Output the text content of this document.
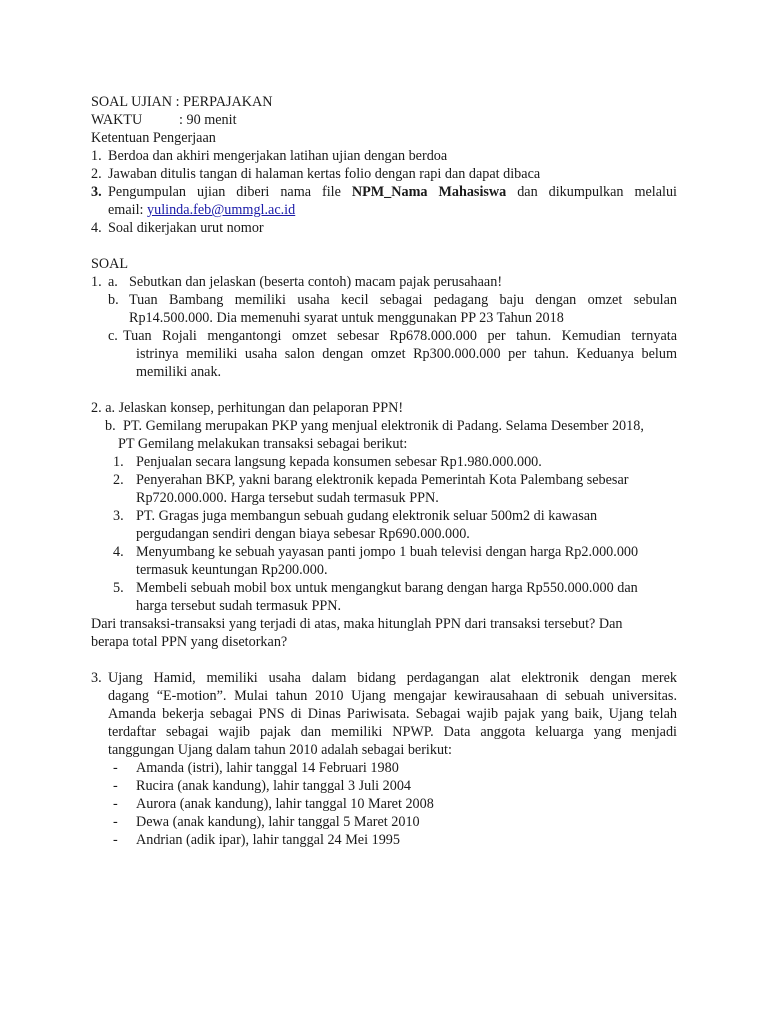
SOAL UJIAN : PERPAJAKAN
WAKTU	: 90 menit
Ketentuan Pengerjaan
1. Berdoa dan akhiri mengerjakan latihan ujian dengan berdoa
2. Jawaban ditulis tangan di halaman kertas folio dengan rapi dan dapat dibaca
3. Pengumpulan ujian diberi nama file NPM_Nama Mahasiswa dan dikumpulkan melalui
email: yulinda.feb@ummgl.ac.id
4. Soal dikerjakan urut nomor
SOAL
1. a. Sebutkan dan jelaskan (beserta contoh) macam pajak perusahaan!
b. Tuan Bambang memiliki usaha kecil sebagai pedagang baju dengan omzet sebulan
Rp14.500.000. Dia memenuhi syarat untuk menggunakan PP 23 Tahun 2018
c. Tuan Rojali mengantongi omzet sebesar Rp678.000.000 per tahun. Kemudian ternyata
istrinya memiliki usaha salon dengan omzet Rp300.000.000 per tahun. Keduanya belum
memiliki anak.
2. a. Jelaskan konsep, perhitungan dan pelaporan PPN!
b. PT. Gemilang merupakan PKP yang menjual elektronik di Padang. Selama Desember 2018,
PT Gemilang melakukan transaksi sebagai berikut:
1. Penjualan secara langsung kepada konsumen sebesar Rp1.980.000.000.
2. Penyerahan BKP, yakni barang elektronik kepada Pemerintah Kota Palembang sebesar
Rp720.000.000. Harga tersebut sudah termasuk PPN.
3. PT. Gragas juga membangun sebuah gudang elektronik seluar 500m2 di kawasan
pergudangan sendiri dengan biaya sebesar Rp690.000.000.
4. Menyumbang ke sebuah yayasan panti jompo 1 buah televisi dengan harga Rp2.000.000
termasuk keuntungan Rp200.000.
5. Membeli sebuah mobil box untuk mengangkut barang dengan harga Rp550.000.000 dan
harga tersebut sudah termasuk PPN.
Dari transaksi-transaksi yang terjadi di atas, maka hitunglah PPN dari transaksi tersebut? Dan
berapa total PPN yang disetorkan?
3. Ujang Hamid, memiliki usaha dalam bidang perdagangan alat elektronik dengan merek
dagang “E-motion”. Mulai tahun 2010 Ujang mengajar kewirausahaan di sebuah universitas.
Amanda bekerja sebagai PNS di Dinas Pariwisata. Sebagai wajib pajak yang baik, Ujang telah
terdaftar sebagai wajib pajak dan memiliki NPWP. Data anggota keluarga yang menjadi
tanggungan Ujang dalam tahun 2010 adalah sebagai berikut:
- Amanda (istri), lahir tanggal 14 Februari 1980
- Rucira (anak kandung), lahir tanggal 3 Juli 2004
- Aurora (anak kandung), lahir tanggal 10 Maret 2008
- Dewa (anak kandung), lahir tanggal 5 Maret 2010
- Andrian (adik ipar), lahir tanggal 24 Mei 1995
